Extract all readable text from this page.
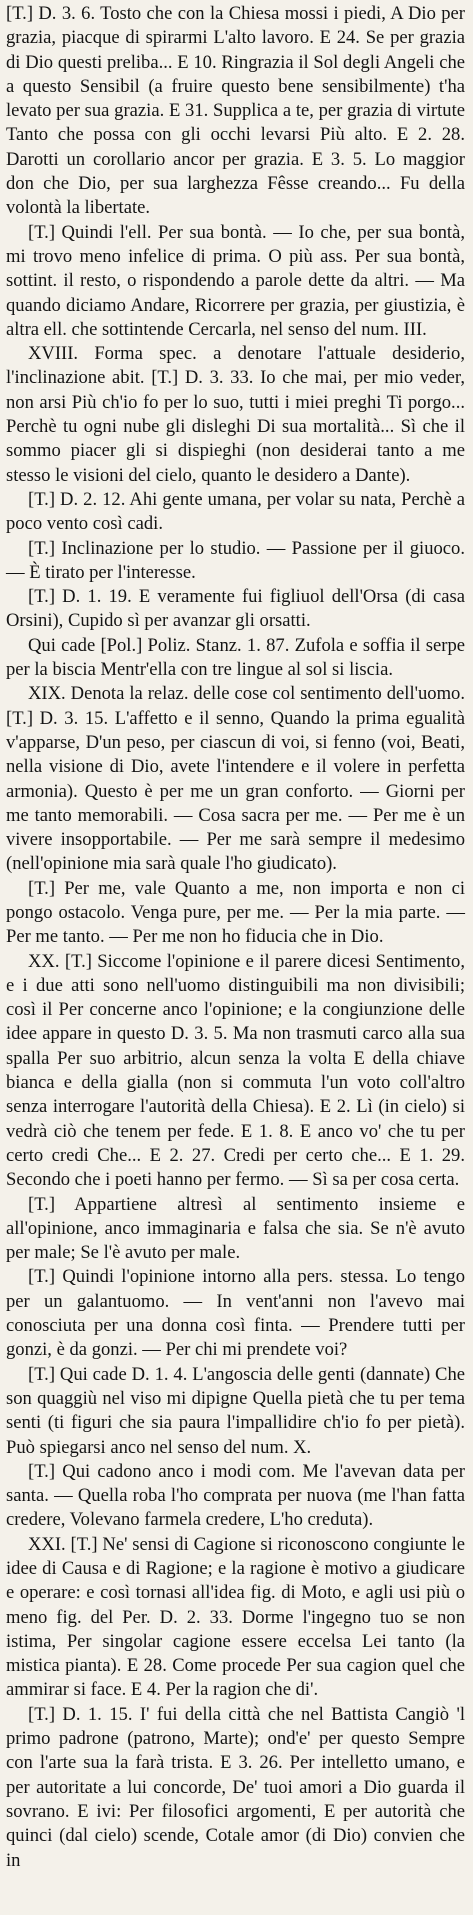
[T.] D. 3. 6. Tosto che con la Chiesa mossi i piedi, A Dio per grazia, piacque di spirarmi L'alto lavoro. E 24. Se per grazia di Dio questi preliba... E 10. Ringrazia il Sol degli Angeli che a questo Sensibil (a fruire questo bene sensibilmente) t'ha levato per sua grazia. E 31. Supplica a te, per grazia di virtute Tanto che possa con gli occhi levarsi Più alto. E 2. 28. Darotti un corollario ancor per grazia. E 3. 5. Lo maggior don che Dio, per sua larghezza Fêsse creando... Fu della volontà la libertate.

[T.] Quindi l'ell. Per sua bontà. — Io che, per sua bontà, mi trovo meno infelice di prima. O più ass. Per sua bontà, sottint. il resto, o rispondendo a parole dette da altri. — Ma quando diciamo Andare, Ricorrere per grazia, per giustizia, è altra ell. che sottintende Cercarla, nel senso del num. III.

XVIII. Forma spec. a denotare l'attuale desiderio, l'inclinazione abit. [T.] D. 3. 33. Io che mai, per mio veder, non arsi Più ch'io fo per lo suo, tutti i miei preghi Ti porgo... Perchè tu ogni nube gli disleghi Di sua mortalità... Sì che il sommo piacer gli si dispieghi (non desiderai tanto a me stesso le visioni del cielo, quanto le desidero a Dante).

[T.] D. 2. 12. Ahi gente umana, per volar su nata, Perchè a poco vento così cadi.

[T.] Inclinazione per lo studio. — Passione per il giuoco. — È tirato per l'interesse.

[T.] D. 1. 19. E veramente fui figliuol dell'Orsa (di casa Orsini), Cupido sì per avanzar gli orsatti.

Qui cade [Pol.] Poliz. Stanz. 1. 87. Zufola e soffia il serpe per la biscia Mentr'ella con tre lingue al sol si liscia.

XIX. Denota la relaz. delle cose col sentimento dell'uomo. [T.] D. 3. 15. L'affetto e il senno, Quando la prima egualità v'apparse, D'un peso, per ciascun di voi, si fenno (voi, Beati, nella visione di Dio, avete l'intendere e il volere in perfetta armonia). Questo è per me un gran conforto. — Giorni per me tanto memorabili. — Cosa sacra per me. — Per me è un vivere insopportabile. — Per me sarà sempre il medesimo (nell'opinione mia sarà quale l'ho giudicato).

[T.] Per me, vale Quanto a me, non importa e non ci pongo ostacolo. Venga pure, per me. — Per la mia parte. — Per me tanto. — Per me non ho fiducia che in Dio.

XX. [T.] Siccome l'opinione e il parere dicesi Sentimento, e i due atti sono nell'uomo distinguibili ma non divisibili; così il Per concerne anco l'opinione; e la congiunzione delle idee appare in questo D. 3. 5. Ma non trasmuti carco alla sua spalla Per suo arbitrio, alcun senza la volta E della chiave bianca e della gialla (non si commuta l'un voto coll'altro senza interrogare l'autorità della Chiesa). E 2. Lì (in cielo) si vedrà ciò che tenem per fede. E 1. 8. E anco vo' che tu per certo credi Che... E 2. 27. Credi per certo che... E 1. 29. Secondo che i poeti hanno per fermo. — Sì sa per cosa certa.

[T.] Appartiene altresì al sentimento insieme e all'opinione, anco immaginaria e falsa che sia. Se n'è avuto per male; Se l'è avuto per male.

[T.] Quindi l'opinione intorno alla pers. stessa. Lo tengo per un galantuomo. — In vent'anni non l'avevo mai conosciuta per una donna così finta. — Prendere tutti per gonzi, è da gonzi. — Per chi mi prendete voi?

[T.] Qui cade D. 1. 4. L'angoscia delle genti (dannate) Che son quaggiù nel viso mi dipigne Quella pietà che tu per tema senti (ti figuri che sia paura l'impallidire ch'io fo per pietà). Può spiegarsi anco nel senso del num. X.

[T.] Qui cadono anco i modi com. Me l'avevan data per santa. — Quella roba l'ho comprata per nuova (me l'han fatta credere, Volevano farmela credere, L'ho creduta).

XXI. [T.] Ne' sensi di Cagione si riconoscono congiunte le idee di Causa e di Ragione; e la ragione è motivo a giudicare e operare: e così tornasi all'idea fig. di Moto, e agli usi più o meno fig. del Per. D. 2. 33. Dorme l'ingegno tuo se non istima, Per singolar cagione essere eccelsa Lei tanto (la mistica pianta). E 28. Come procede Per sua cagion quel che ammirar si face. E 4. Per la ragion che di'.

[T.] D. 1. 15. I' fui della città che nel Battista Cangiò 'l primo padrone (patrono, Marte); ond'e' per questo Sempre con l'arte sua la farà trista. E 3. 26. Per intelletto umano, e per autoritate a lui concorde, De' tuoi amori a Dio guarda il sovrano. E ivi: Per filosofici argomenti, E per autorità che quinci (dal cielo) scende, Cotale amor (di Dio) convien che in
